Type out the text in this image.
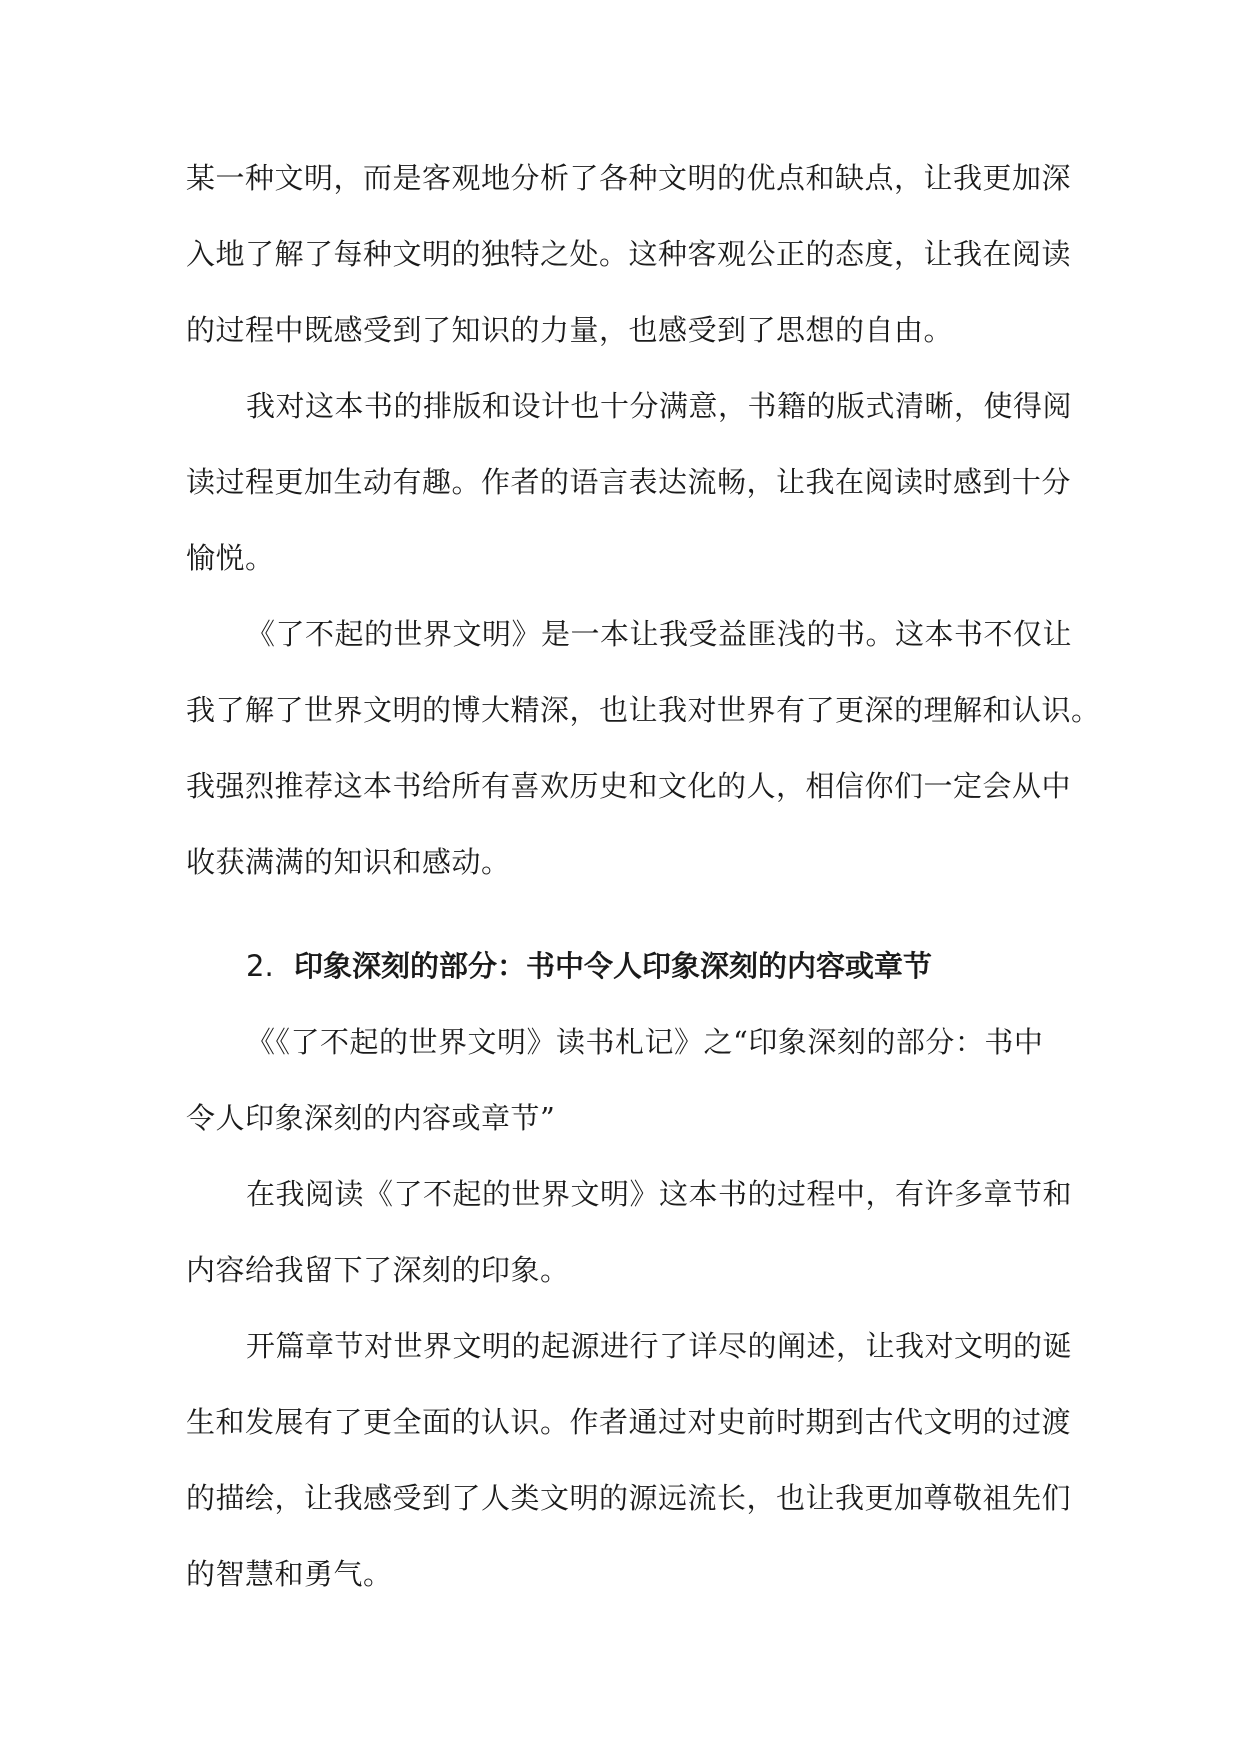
某一种文明，而是客观地分析了各种文明的优点和缺点，让我更加深
入地了解了每种文明的独特之处。这种客观公正的态度，让我在阅读
的过程中既感受到了知识的力量，也感受到了思想的自由。
我对这本书的排版和设计也十分满意，书籍的版式清晰，使得阅
读过程更加生动有趣。作者的语言表达流畅，让我在阅读时感到十分
愉悦。
《了不起的世界文明》是一本让我受益匪浅的书。这本书不仅让
我了解了世界文明的博大精深，也让我对世界有了更深的理解和认识。
我强烈推荐这本书给所有喜欢历史和文化的人，相信你们一定会从中
收获满满的知识和感动。
2. 印象深刻的部分：书中令人印象深刻的内容或章节
《《了不起的世界文明》读书札记》之“印象深刻的部分：书中
令人印象深刻的内容或章节”
在我阅读《了不起的世界文明》这本书的过程中，有许多章节和
内容给我留下了深刻的印象。
开篇章节对世界文明的起源进行了详尽的阐述，让我对文明的诞
生和发展有了更全面的认识。作者通过对史前时期到古代文明的过渡
的描绘，让我感受到了人类文明的源远流长，也让我更加尊敬祖先们
的智慧和勇气。
